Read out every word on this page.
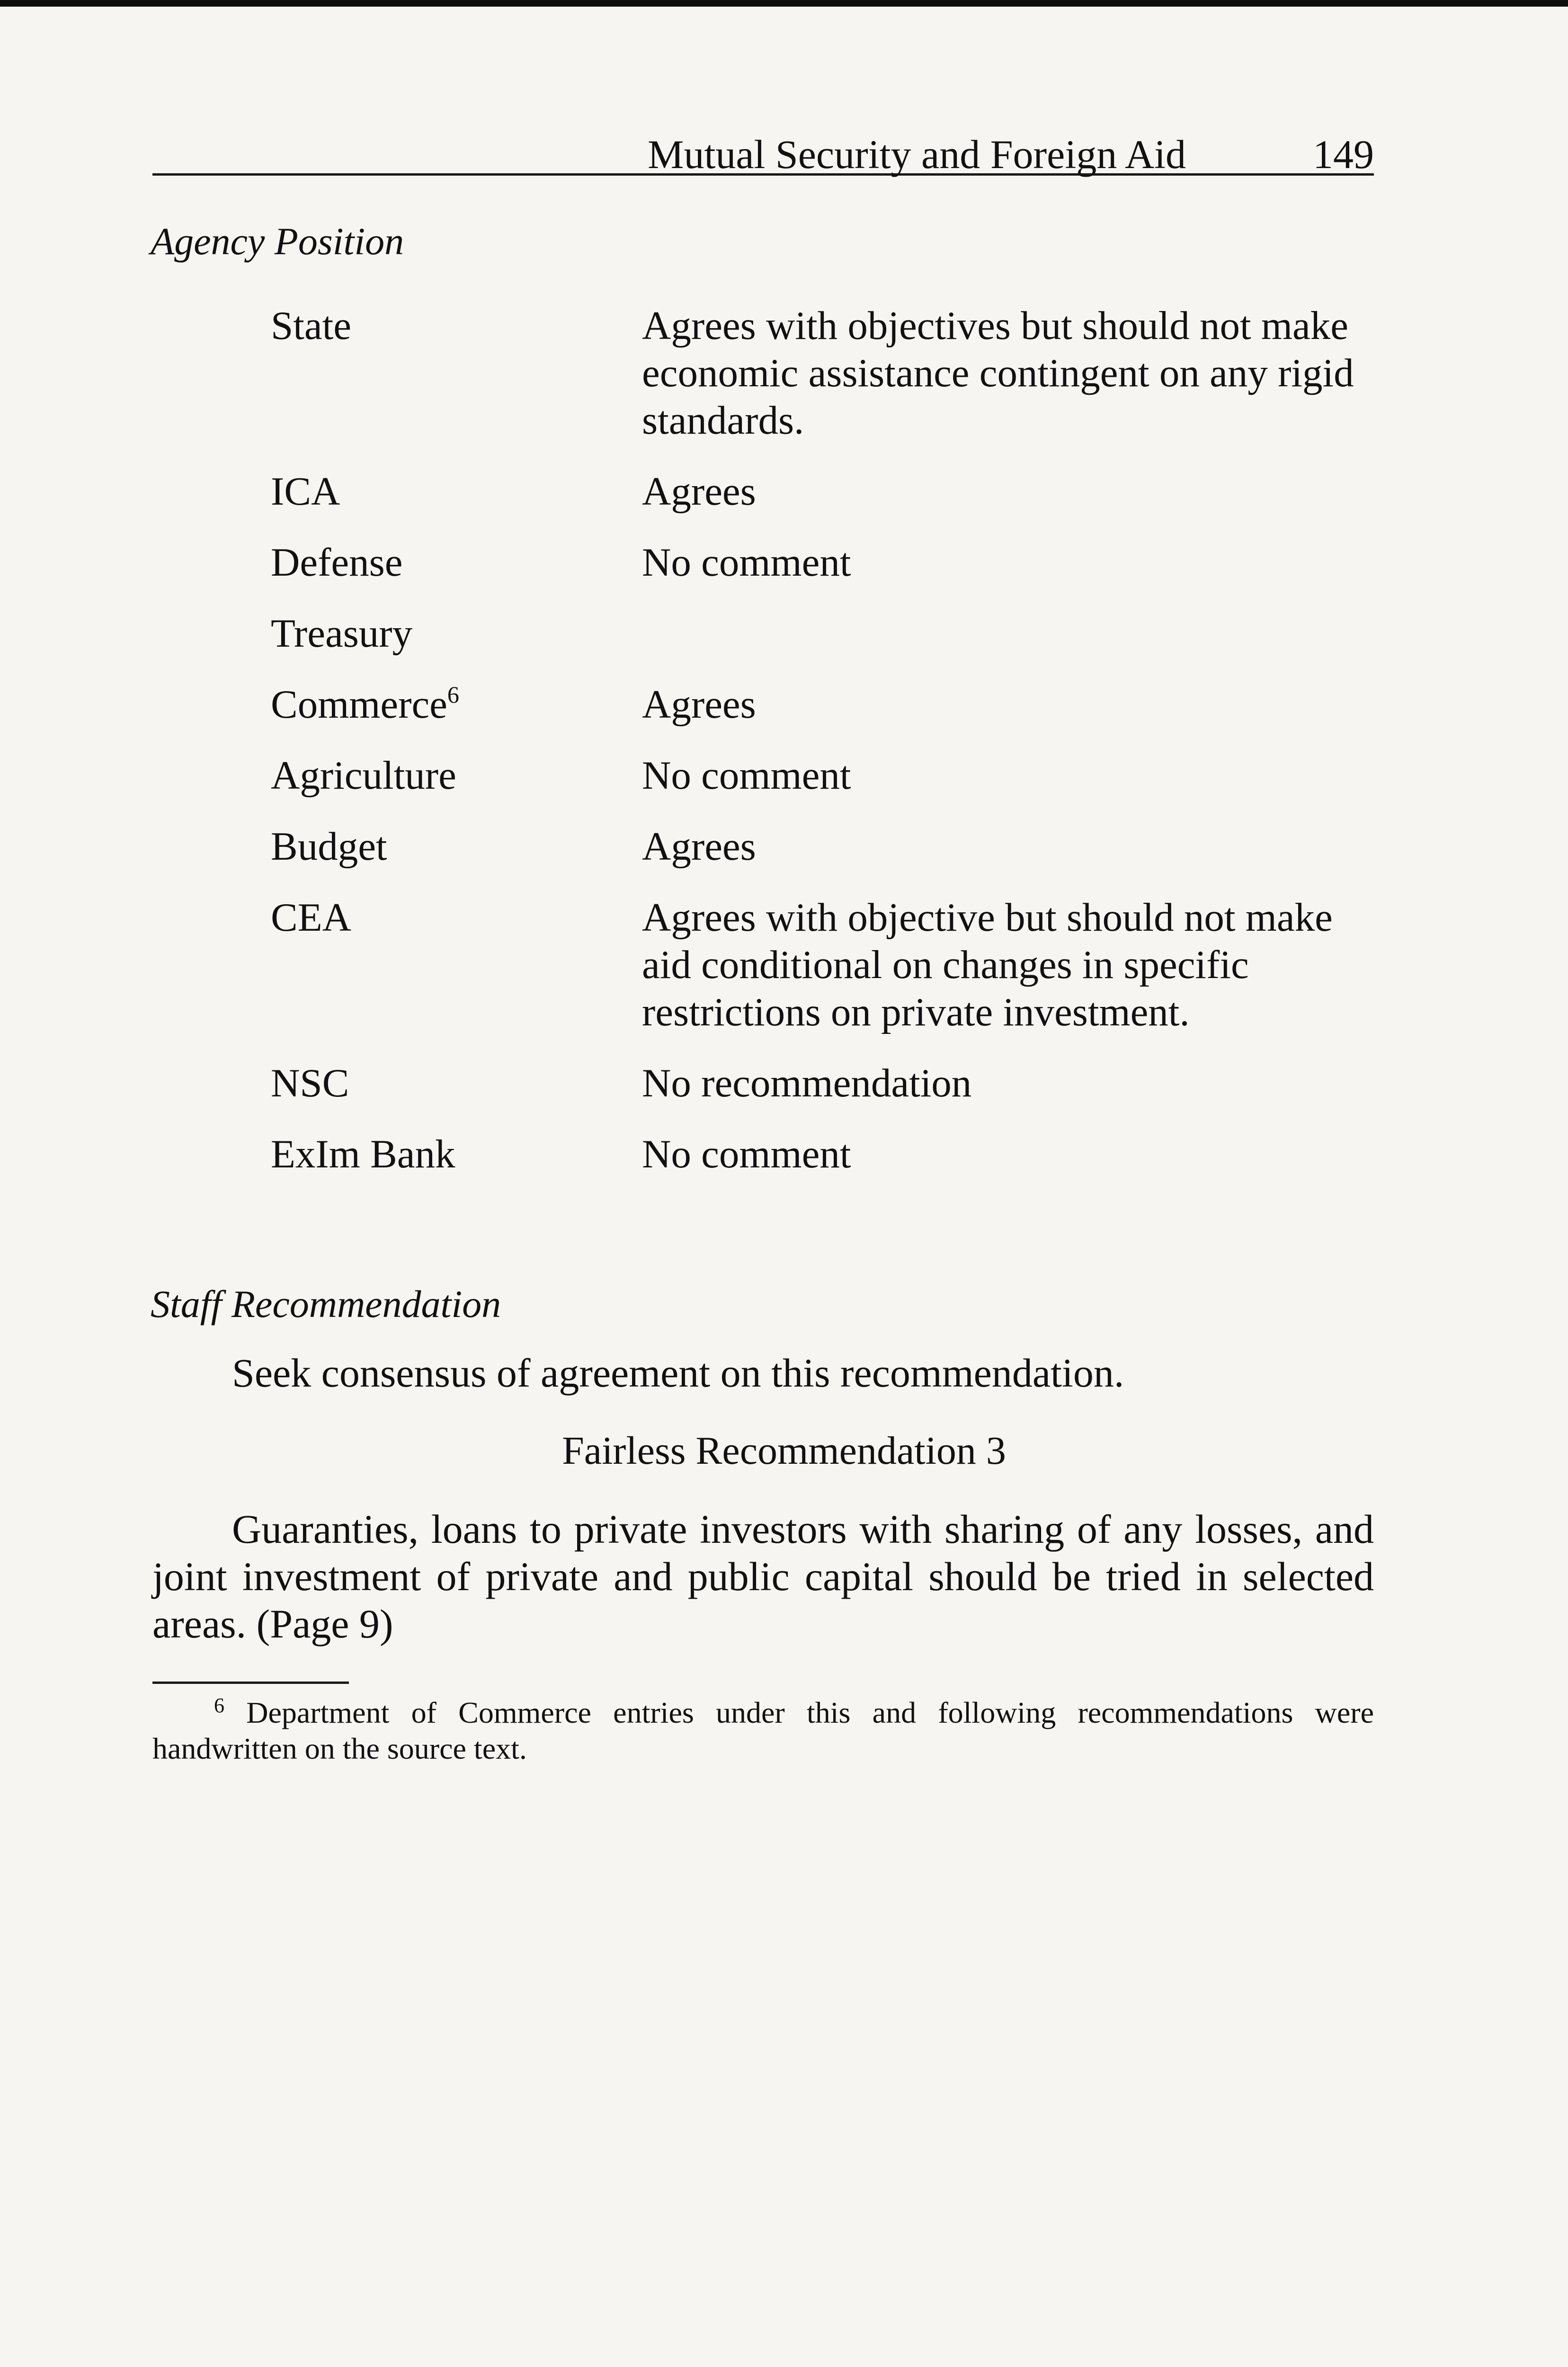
Mutual Security and Foreign Aid	149
Agency Position
State	Agrees with objectives but should not make economic assistance contingent on any rigid standards.
ICA	Agrees
Defense	No comment
Treasury
Commerce$^6$	Agrees
Agriculture	No comment
Budget	Agrees
CEA	Agrees with objective but should not make aid conditional on changes in specific restrictions on private investment.
NSC	No recommendation
ExIm Bank	No comment
Staff Recommendation
Seek consensus of agreement on this recommendation.
Fairless Recommendation 3

Guaranties, loans to private investors with sharing of any losses, and joint investment of private and public capital should be tried in selected areas. (Page 9)

$^6$ Department of Commerce entries under this and following recommendations were handwritten on the source text.
